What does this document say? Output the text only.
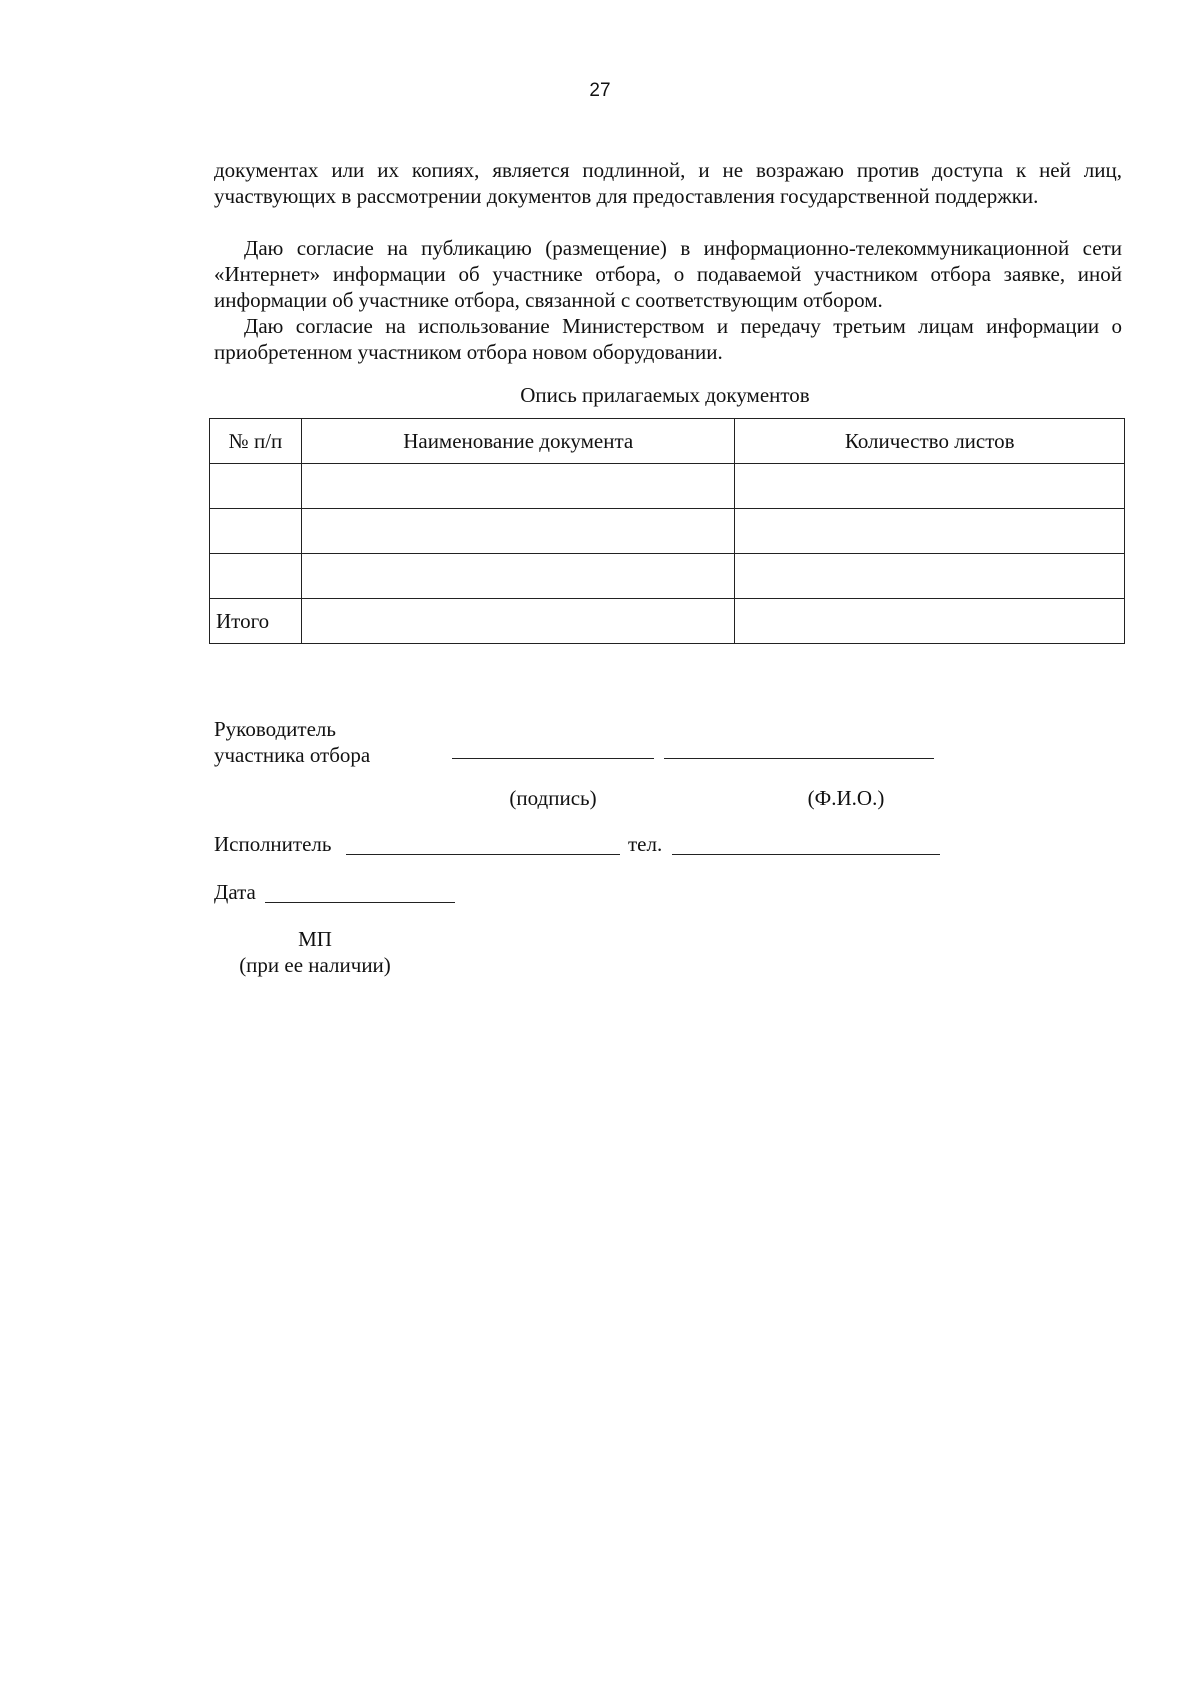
27

документах или их копиях, является подлинной, и не возражаю против доступа к ней лиц, участвующих в рассмотрении документов для предоставления государственной поддержки.

Даю согласие на публикацию (размещение) в информационно-телекоммуникационной сети «Интернет» информации об участнике отбора, о подаваемой участником отбора заявке, иной информации об участнике отбора, связанной с соответствующим отбором.

Даю согласие на использование Министерством и передачу третьим лицам информации о приобретенном участником отбора новом оборудовании.

Опись прилагаемых документов
№ п/п	Наименование документа	Количество листов

Итого		
Руководитель
участника отбора
(подпись)	(Ф.И.О.)
Исполнитель	тел.
Дата
МП
(при ее наличии)
